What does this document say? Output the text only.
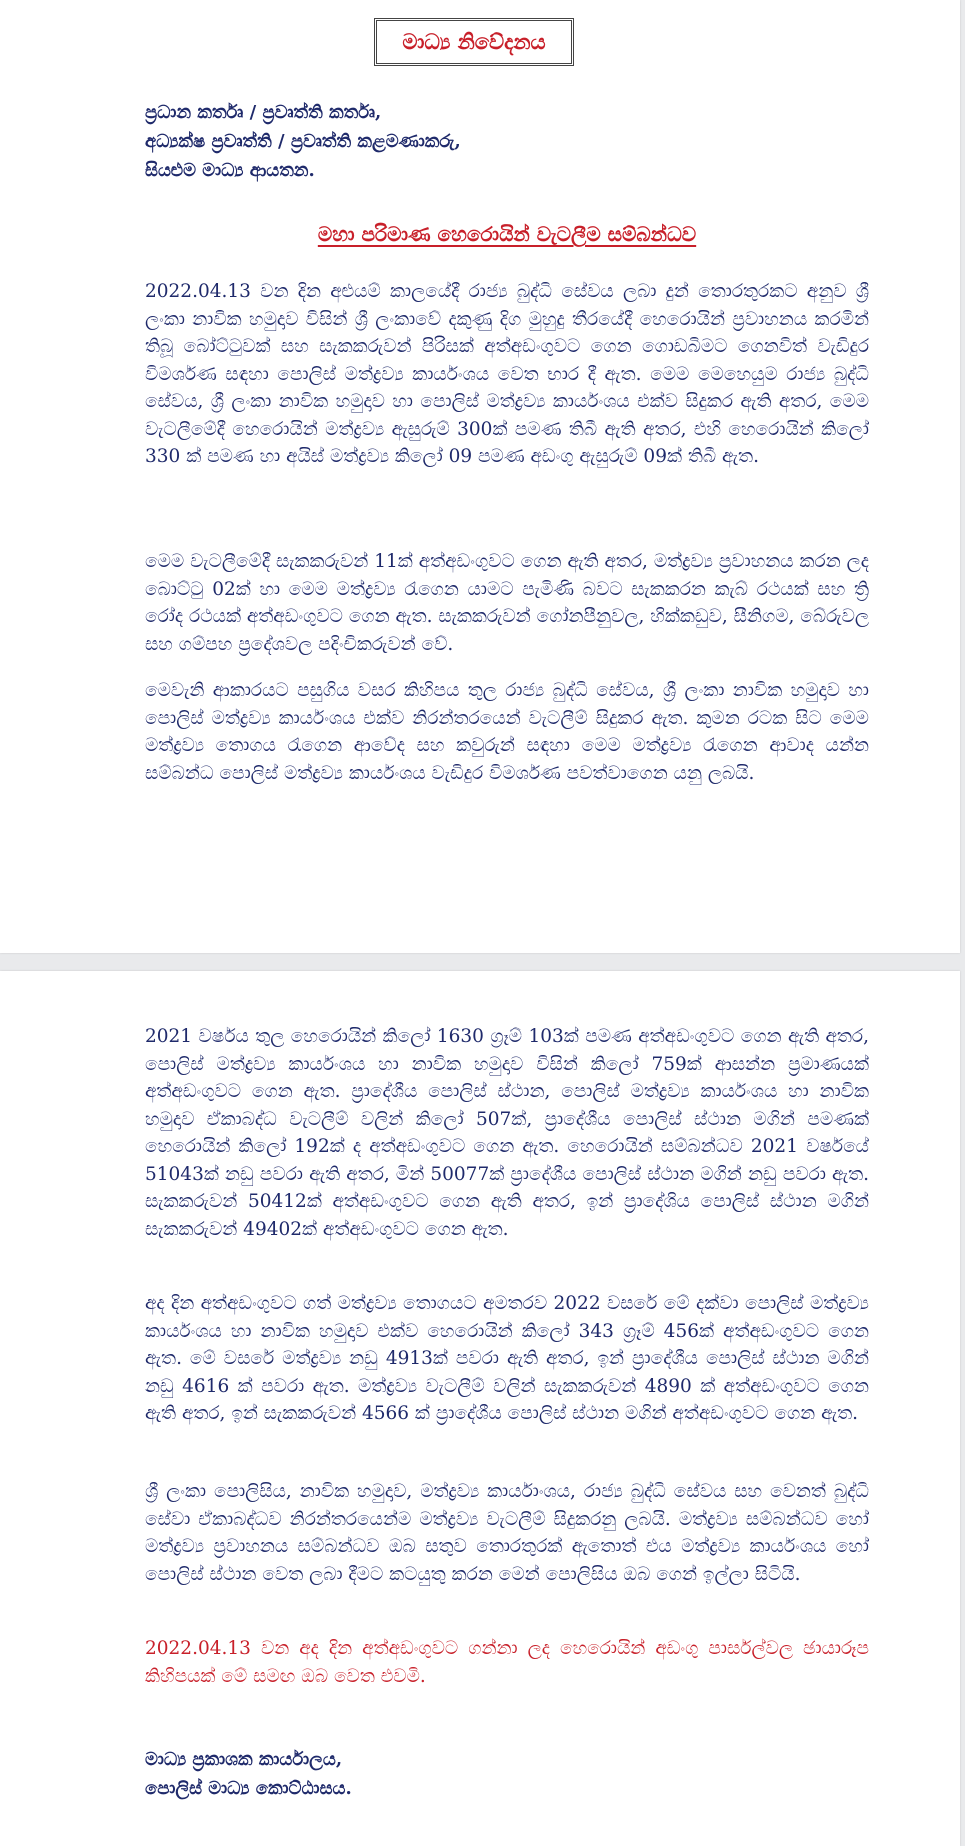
මාධ්‍ය නිවේදනය
ප්‍රධාන කර්තෘ / ප්‍රවෘත්ති කර්තෘ,
අධ්‍යක්ෂ ප්‍රවෘත්ති / ප්‍රවෘත්ති කළමණාකරු,
සියළුම මාධ්‍ය ආයතන.
මහා පරිමාණ හෙරොයින් වැටලීම සම්බන්ධව

2022.04.13 වන දින අළුයම් කාලයේදී රාජ්‍ය බුද්ධි සේවය ලබා දුන් තොරතුරකට අනුව ශ්‍රී ලංකා නාවික හමුදාව විසින් ශ්‍රී ලංකාවේ දකුණු දිග මුහුදු තීරයේදී හෙරොයින් ප්‍රවාහනය කරමින් තිබූ බෝට්ටුවක් සහ සැකකරුවන් පිරිසක් අත්අඩංගුවට ගෙන ගොඩබිමට ගෙනවිත් වැඩිදුර විමර්ශණ සඳහා පොලිස් මත්ද්‍රව්‍ය කාර්යංශය වෙත භාර දී ඇත. මෙම මෙහෙයුම රාජ්‍ය බුද්ධි සේවය, ශ්‍රී ලංකා නාවික හමුදාව හා පොලිස් මත්ද්‍රව්‍ය කාර්යංශය එක්ව සිදුකර ඇති අතර, මෙම වැටලීමේදී හෙරොයින් මත්ද්‍රව්‍ය ඇසුරුම් 300ක් පමණ තිබී ඇති අතර, එහි හෙරොයින් කිලෝ 330 ක් පමණ හා අයිස් මත්ද්‍රව්‍ය කිලෝ 09 පමණ අඩංගු ඇසුරුම් 09ක් තිබී ඇත.

මෙම වැටලීමේදී සැකකරුවන් 11ක් අත්අඩංගුවට ගෙන ඇති අතර, මත්ද්‍රව්‍ය ප්‍රවාහනය කරන ලද බොට්ටු 02ක් හා මෙම මත්ද්‍රව්‍ය රැගෙන යාමට පැමිණි බවට සැකකරන කැබ් රථයක් සහ ත්‍රි රෝද රථයක් අත්අඩංගුවට ගෙන ඇත. සැකකරුවන් ගෝනපීනුවල, හික්කඩුව, සීනිගම, බේරුවල සහ ගම්පහ ප්‍රදේශවල පදිංචිකරුවන් වේ.

මෙවැනි ආකාරයට පසුගිය වසර කිහිපය තුල රාජ්‍ය බුද්ධි සේවය, ශ්‍රී ලංකා නාවික හමුදාව හා පොලිස් මත්ද්‍රව්‍ය කාර්යංශය එක්ව නිරන්තරයෙන් වැටලීම් සිදුකර ඇත. කුමන රටක සිට මෙම මත්ද්‍රව්‍ය තොගය රැගෙන ආවේද සහ කවුරුන් සඳහා මෙම මත්ද්‍රව්‍ය රැගෙන ආවාද යන්න සම්බන්ධ පොලිස් මත්ද්‍රව්‍ය කාර්යංශය වැඩිදුර විමර්ශණ පවත්වාගෙන යනු ලබයි.

2021 වර්ෂය තුල හෙරොයින් කිලෝ 1630 ග්‍රෑම් 103ක් පමණ අත්අඩංගුවට ගෙන ඇති අතර, පොලිස් මත්ද්‍රව්‍ය කාර්යංශය හා නාවික හමුදාව විසින් කිලෝ 759ක් ආසන්න ප්‍රමාණයක් අත්අඩංගුවට ගෙන ඇත. ප්‍රාදේශීය පොලිස් ස්ථාන, පොලිස් මත්ද්‍රව්‍ය කාර්යංශය හා නාවික හමුදාව ඒකාබද්ධ වැටලීම් වලින් කිලෝ 507ක්, ප්‍රාදේශීය පොලිස් ස්ථාන මගින් පමණක් හෙරොයින් කිලෝ 192ක් ද අත්අඩංගුවට ගෙන ඇත. හෙරොයින් සම්බන්ධව 2021 වර්ෂයේ 51043ක් නඩු පවරා ඇති අතර, මින් 50077ක් ප්‍රාදේශීය පොලිස් ස්ථාන මගින් නඩු පවරා ඇත. සැකකරුවන් 50412ක් අත්අඩංගුවට ගෙන ඇති අතර, ඉන් ප්‍රාදේශිය පොලිස් ස්ථාන මගින් සැකකරුවන් 49402ක් අත්අඩංගුවට ගෙන ඇත.

අද දින අත්අඩංගුවට ගත් මත්ද්‍රව්‍ය තොගයට අමතරව 2022 වසරේ මේ දක්වා පොලිස් මත්ද්‍රව්‍ය කාර්යංශය හා නාවික හමුදාව එක්ව හෙරොයින් කිලෝ 343 ග්‍රෑම් 456ක් අත්අඩංගුවට ගෙන ඇත. මේ වසරේ මත්ද්‍රව්‍ය නඩු 4913ක් පවරා ඇති අතර, ඉන් ප්‍රාදේශීය පොලිස් ස්ථාන මගින් නඩු 4616 ක් පවරා ඇත. මත්ද්‍රව්‍ය වැටලීම් වලින් සැකකරුවන් 4890 ක් අත්අඩංගුවට ගෙන ඇති අතර, ඉන් සැකකරුවන් 4566 ක් ප්‍රාදේශීය පොලිස් ස්ථාන මගින් අත්අඩංගුවට ගෙන ඇත.

ශ්‍රී ලංකා පොලිසිය, නාවික හමුදාව, මත්ද්‍රව්‍ය කාර්යාංශය, රාජ්‍ය බුද්ධි සේවය සහ වෙනත් බුද්ධි සේවා ඒකාබද්ධව නිරන්තරයෙන්ම මත්ද්‍රව්‍ය වැටලීම් සිදුකරනු ලබයි. මත්ද්‍රව්‍ය සම්බන්ධව හෝ මත්ද්‍රව්‍ය ප්‍රවාහනය සම්බන්ධව ඔබ සතුව තොරතුරක් ඇතොත් එය මත්ද්‍රව්‍ය කාර්යංශය හෝ පොලිස් ස්ථාන වෙත ලබා දීමට කටයුතු කරන මෙන් පොලිසිය ඔබ ගෙන් ඉල්ලා සිටියි.

2022.04.13 වන අද දින අත්අඩංගුවට ගන්නා ලද හෙරොයින් අඩංගු පාර්සල්වල ඡායාරූප කිහිපයක් මේ සමඟ ඔබ වෙත එවමි.

මාධ්‍ය ප්‍රකාශක කාර්යාලය,
පොලිස් මාධ්‍ය කොට්ඨාසය.
